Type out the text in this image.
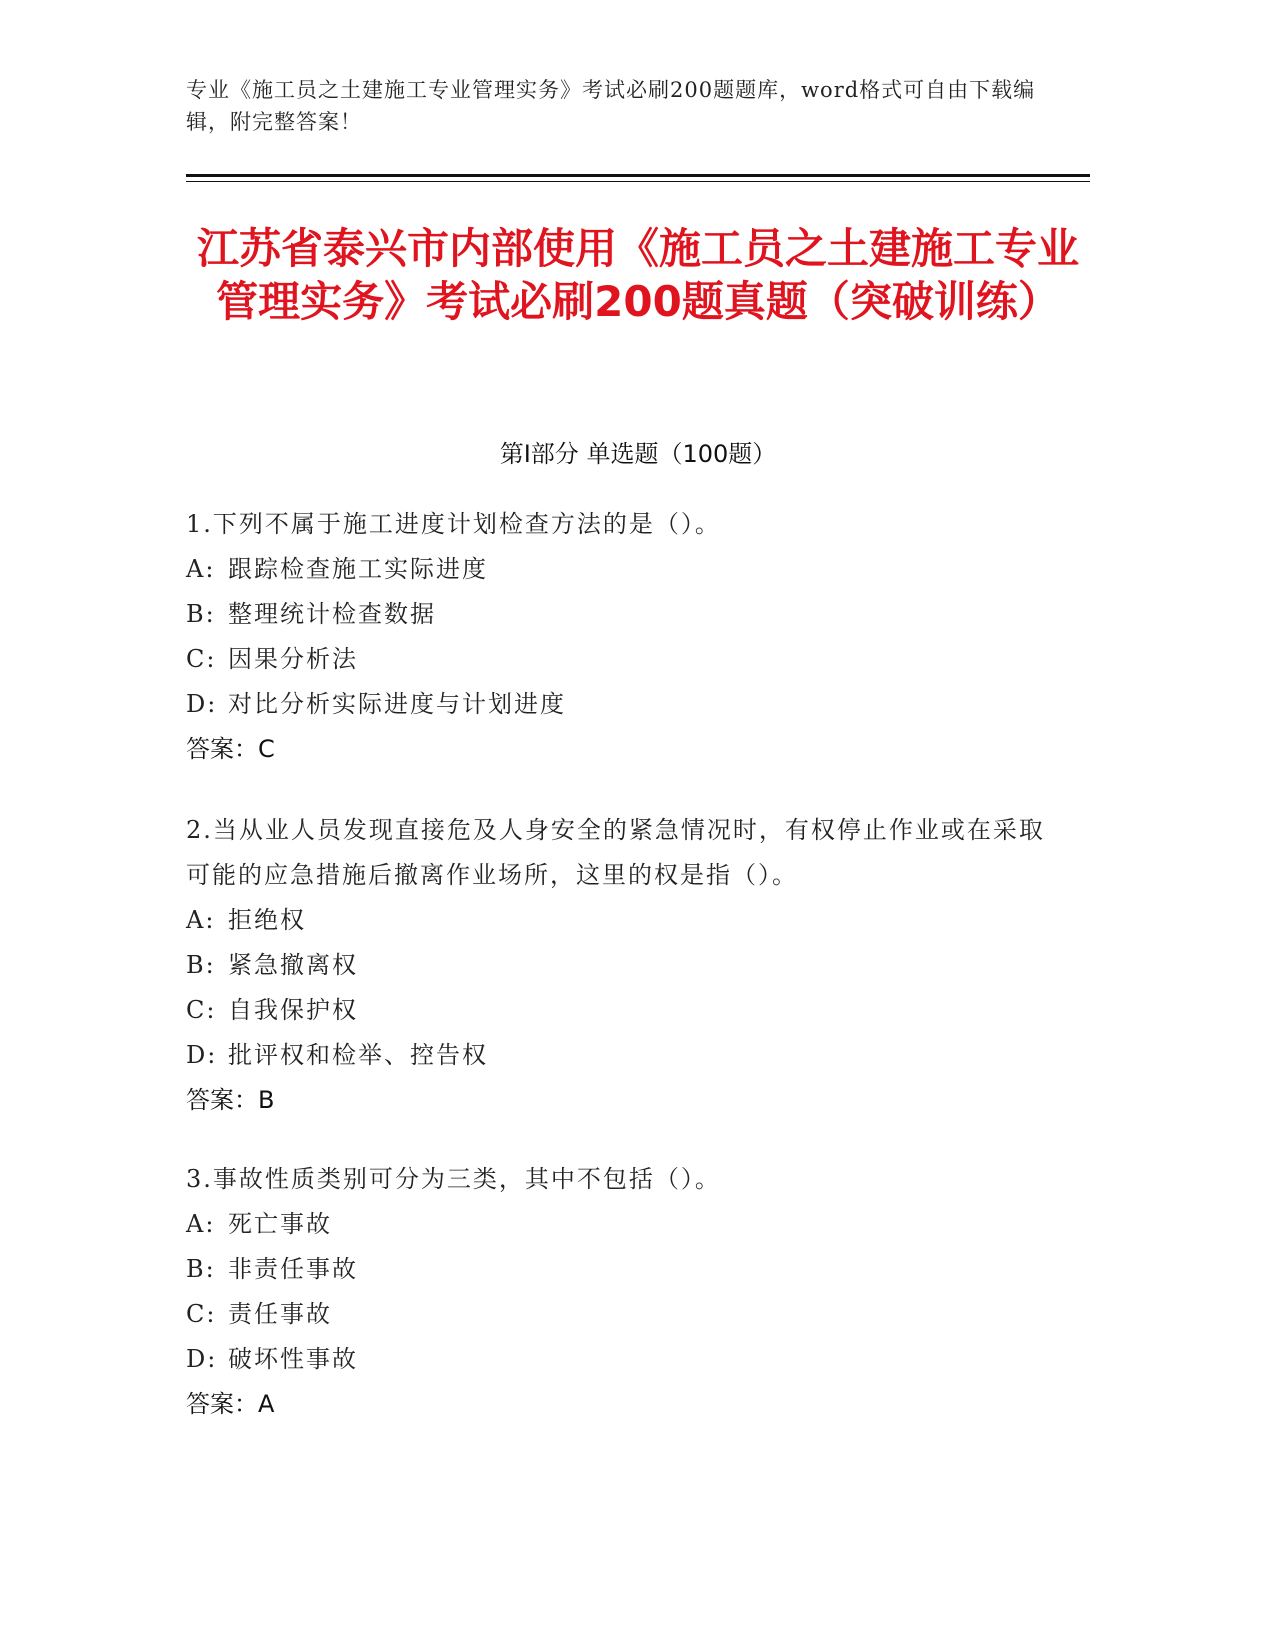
专业《施工员之土建施工专业管理实务》考试必刷200题题库，word格式可自由下载编辑，附完整答案！
江苏省泰兴市内部使用《施工员之土建施工专业管理实务》考试必刷200题真题（突破训练）
第Ⅰ部分 单选题（100题）
1.下列不属于施工进度计划检查方法的是（）。
A: 跟踪检查施工实际进度
B: 整理统计检查数据
C: 因果分析法
D: 对比分析实际进度与计划进度
答案：C
2.当从业人员发现直接危及人身安全的紧急情况时，有权停止作业或在采取可能的应急措施后撤离作业场所，这里的权是指（）。
A: 拒绝权
B: 紧急撤离权
C: 自我保护权
D: 批评权和检举、控告权
答案：B
3.事故性质类别可分为三类，其中不包括（）。
A: 死亡事故
B: 非责任事故
C: 责任事故
D: 破坏性事故
答案：A
